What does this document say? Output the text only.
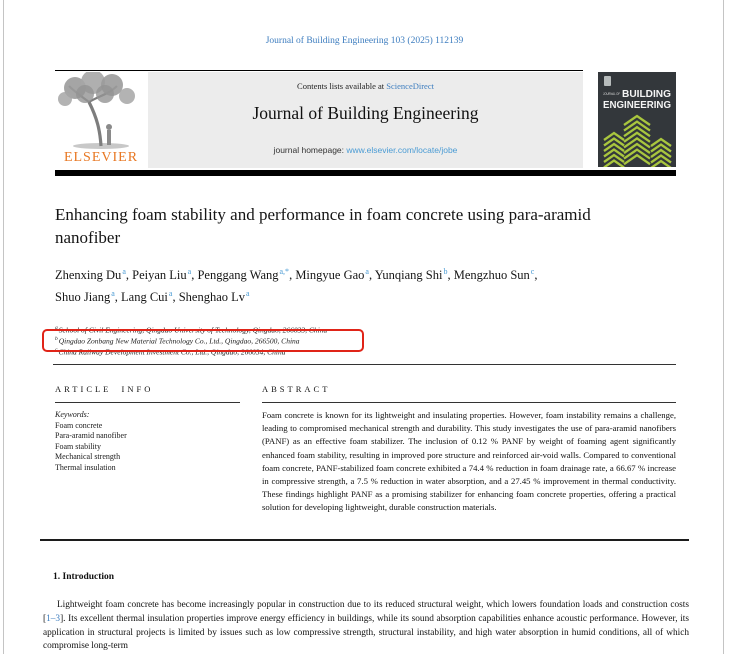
Journal of Building Engineering 103 (2025) 112139
ELSEVIER
Contents lists available at ScienceDirect
Journal of Building Engineering
journal homepage: www.elsevier.com/locate/jobe
JOURNAL OF BUILDING
ENGINEERING
Enhancing foam stability and performance in foam concrete using para-aramid nanofiber
Zhenxing Du$^a$, Peiyan Liu$^a$, Penggang Wang$^{a,*}$, Mingyue Gao$^a$, Yunqiang Shi$^b$, Mengzhuo Sun$^c$, Shuo Jiang$^a$, Lang Cui$^a$, Shenghao Lv$^a$
$^a$School of Civil Engineering, Qingdao University of Technology, Qingdao, 266033, China
$^b$Qingdao Zonbang New Material Technology Co., Ltd., Qingdao, 266500, China
$^c$China Railway Development Investment Co., Ltd., Qingdao, 266034, China
ARTICLE INFO
Keywords:
Foam concrete
Para-aramid nanofiber
Foam stability
Mechanical strength
Thermal insulation
ABSTRACT

Foam concrete is known for its lightweight and insulating properties. However, foam instability remains a challenge, leading to compromised mechanical strength and durability. This study investigates the use of para-aramid nanofibers (PANF) as an effective foam stabilizer. The inclusion of 0.12 % PANF by weight of foaming agent significantly enhanced foam stability, resulting in improved pore structure and reinforced air-void walls. Compared to conventional foam concrete, PANF-stabilized foam concrete exhibited a 74.4 % reduction in foam drainage rate, a 66.67 % increase in compressive strength, a 7.5 % reduction in water absorption, and a 27.45 % improvement in thermal conductivity. These findings highlight PANF as a promising stabilizer for enhancing foam concrete properties, offering a practical solution for developing lightweight, durable construction materials.

1. Introduction

Lightweight foam concrete has become increasingly popular in construction due to its reduced structural weight, which lowers foundation loads and construction costs [1–3]. Its excellent thermal insulation properties improve energy efficiency in buildings, while its sound absorption capabilities enhance acoustic performance. However, its application in structural projects is limited by issues such as low compressive strength, structural instability, and high water absorption in humid conditions, all of which compromise long-term
